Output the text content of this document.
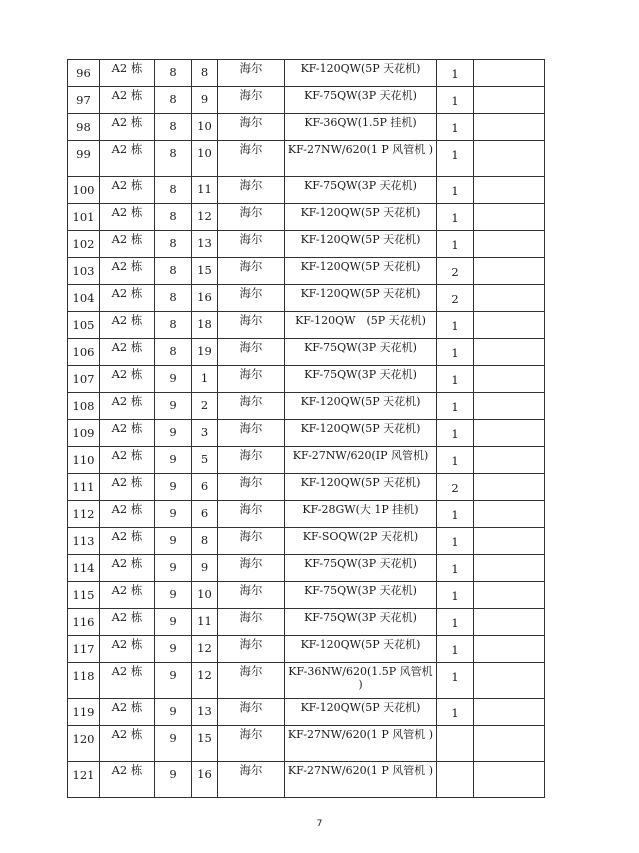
96	A2 栋	8	8	海尔	KF-120QW(5P 天花机)	1	
97	A2 栋	8	9	海尔	KF-75QW(3P 天花机)	1	
98	A2 栋	8	10	海尔	KF-36QW(1.5P 挂机)	1	
99	A2 栋	8	10	海尔	KF-27NW/620(1 P 风管机 )	1	
100	A2 栋	8	11	海尔	KF-75QW(3P 天花机)	1	
101	A2 栋	8	12	海尔	KF-120QW(5P 天花机)	1	
102	A2 栋	8	13	海尔	KF-120QW(5P 天花机)	1	
103	A2 栋	8	15	海尔	KF-120QW(5P 天花机)	2	
104	A2 栋	8	16	海尔	KF-120QW(5P 天花机)	2	
105	A2 栋	8	18	海尔	KF-120QW　(5P 天花机)	1	
106	A2 栋	8	19	海尔	KF-75QW(3P 天花机)	1	
107	A2 栋	9	1	海尔	KF-75QW(3P 天花机)	1	
108	A2 栋	9	2	海尔	KF-120QW(5P 天花机)	1	
109	A2 栋	9	3	海尔	KF-120QW(5P 天花机)	1	
110	A2 栋	9	5	海尔	KF-27NW/620(IP 风管机)	1	
111	A2 栋	9	6	海尔	KF-120QW(5P 天花机)	2	
112	A2 栋	9	6	海尔	KF-28GW(大 1P 挂机)	1	
113	A2 栋	9	8	海尔	KF-SOQW(2P 天花机)	1	
114	A2 栋	9	9	海尔	KF-75QW(3P 天花机)	1	
115	A2 栋	9	10	海尔	KF-75QW(3P 天花机)	1	
116	A2 栋	9	11	海尔	KF-75QW(3P 天花机)	1	
117	A2 栋	9	12	海尔	KF-120QW(5P 天花机)	1	
118	A2 栋	9	12	海尔	KF-36NW/620(1.5P 风管机 )	1	
119	A2 栋	9	13	海尔	KF-120QW(5P 天花机)	1	
120	A2 栋	9	15	海尔	KF-27NW/620(1 P 风管机 )		
121	A2 栋	9	16	海尔	KF-27NW/620(1 P 风管机 )		
7
